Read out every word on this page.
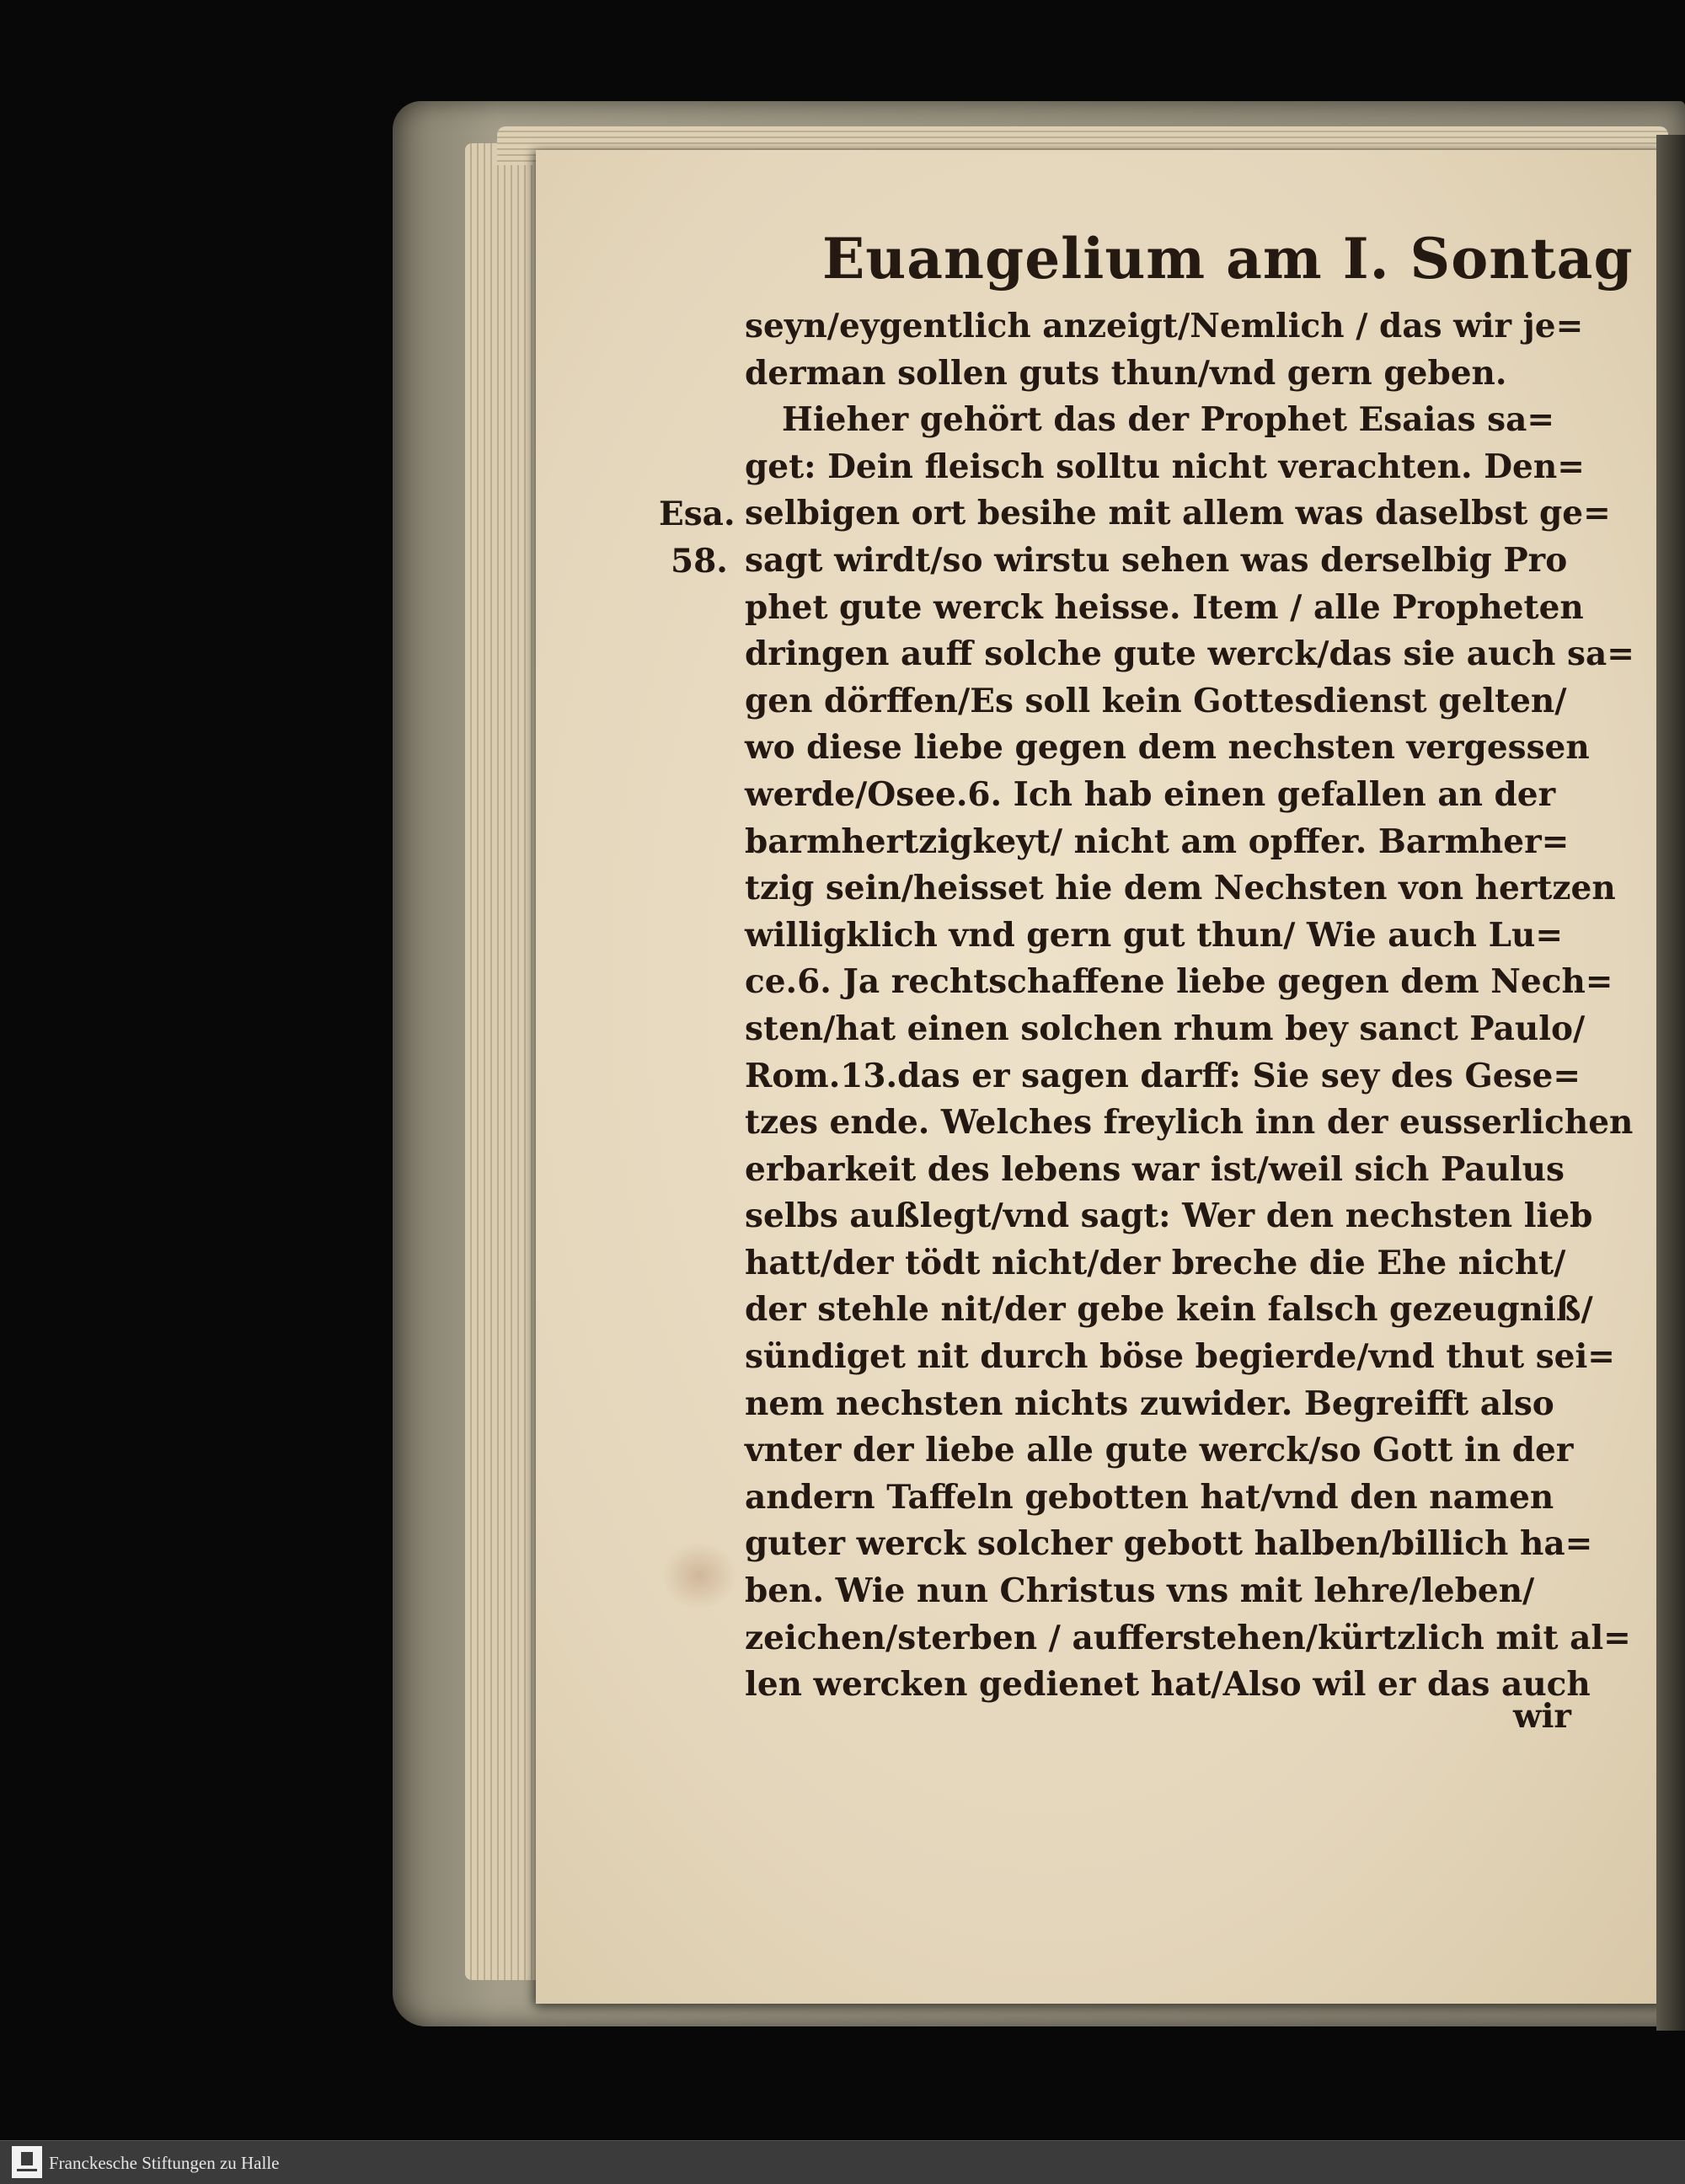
Euangelium am I. Sontag
Esa.
58.
seyn/eygentlich anzeigt/Nemlich / das wir je=
derman sollen guts thun/vnd gern geben.
Hieher gehört das der Prophet Esaias sa=
get: Dein fleisch solltu nicht verachten. Den=
selbigen ort besihe mit allem was daselbst ge=
sagt wirdt/so wirstu sehen was derselbig Pro
phet gute werck heisse. Item / alle Propheten
dringen auff solche gute werck/das sie auch sa=
gen dörffen/Es soll kein Gottesdienst gelten/
wo diese liebe gegen dem nechsten vergessen
werde/Osee.6. Ich hab einen gefallen an der
barmhertzigkeyt/ nicht am opffer. Barmher=
tzig sein/heisset hie dem Nechsten von hertzen
willigklich vnd gern gut thun/ Wie auch Lu=
ce.6. Ja rechtschaffene liebe gegen dem Nech=
sten/hat einen solchen rhum bey sanct Paulo/
Rom.13.das er sagen darff: Sie sey des Gese=
tzes ende. Welches freylich inn der eusserlichen
erbarkeit des lebens war ist/weil sich Paulus
selbs außlegt/vnd sagt: Wer den nechsten lieb
hatt/der tödt nicht/der breche die Ehe nicht/
der stehle nit/der gebe kein falsch gezeugniß/
sündiget nit durch böse begierde/vnd thut sei=
nem nechsten nichts zuwider. Begreifft also
vnter der liebe alle gute werck/so Gott in der
andern Taffeln gebotten hat/vnd den namen
guter werck solcher gebott halben/billich ha=
ben. Wie nun Christus vns mit lehre/leben/
zeichen/sterben / aufferstehen/kürtzlich mit al=
len wercken gedienet hat/Also wil er das auch
wir
Franckesche Stiftungen zu Halle
